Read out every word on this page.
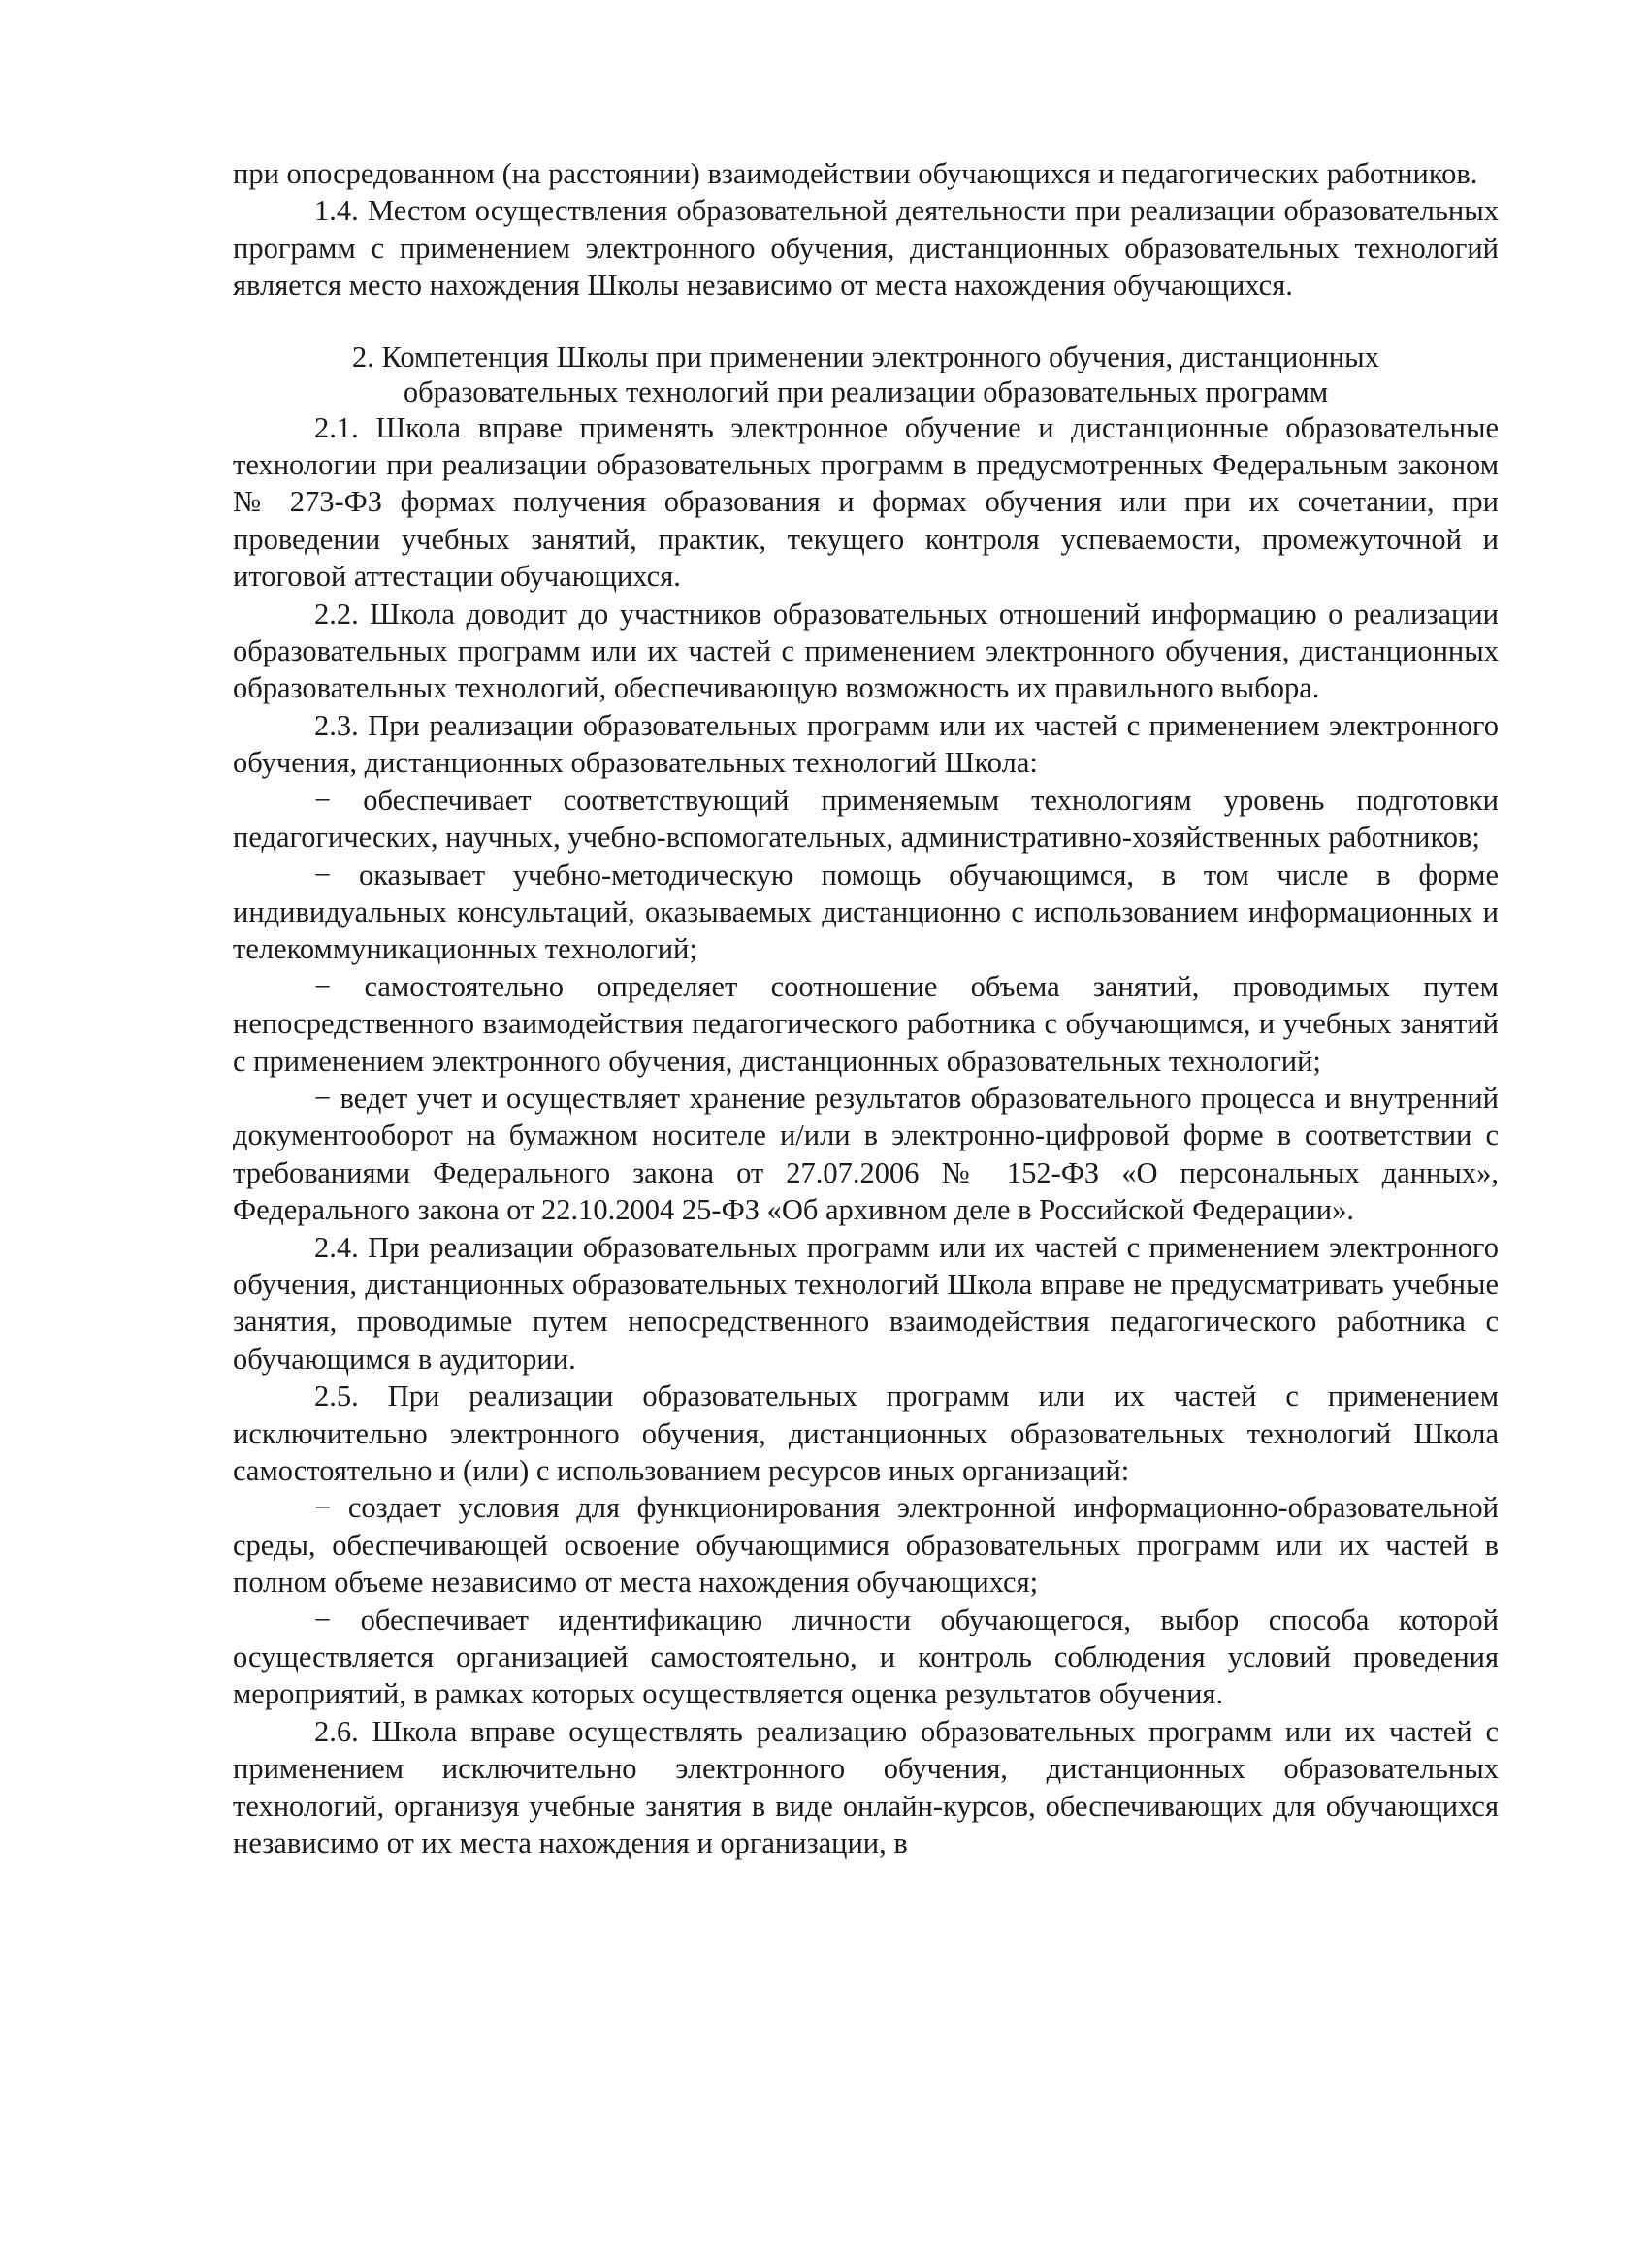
при опосредованном (на расстоянии) взаимодействии обучающихся и педагогических работников.

1.4. Местом осуществления образовательной деятельности при реализации образовательных программ с применением электронного обучения, дистанционных образовательных технологий является место нахождения Школы независимо от места нахождения обучающихся.

2. Компетенция Школы при применении электронного обучения, дистанционных
образовательных технологий при реализации образовательных программ

2.1. Школа вправе применять электронное обучение и дистанционные образовательные технологии при реализации образовательных программ в предусмотренных Федеральным законом № 273-ФЗ формах получения образования и формах обучения или при их сочетании, при проведении учебных занятий, практик, текущего контроля успеваемости, промежуточной и итоговой аттестации обучающихся.

2.2. Школа доводит до участников образовательных отношений информацию о реализации образовательных программ или их частей с применением электронного обучения, дистанционных образовательных технологий, обеспечивающую возможность их правильного выбора.

2.3. При реализации образовательных программ или их частей с применением электронного обучения, дистанционных образовательных технологий Школа:

− обеспечивает соответствующий применяемым технологиям уровень подготовки педагогических, научных, учебно-вспомогательных, административно-хозяйственных работников;

− оказывает учебно-методическую помощь обучающимся, в том числе в форме индивидуальных консультаций, оказываемых дистанционно с использованием информационных и телекоммуникационных технологий;

− самостоятельно определяет соотношение объема занятий, проводимых путем непосредственного взаимодействия педагогического работника с обучающимся, и учебных занятий с применением электронного обучения, дистанционных образовательных технологий;

− ведет учет и осуществляет хранение результатов образовательного процесса и внутренний документооборот на бумажном носителе и/или в электронно-цифровой форме в соответствии с требованиями Федерального закона от 27.07.2006 № 152-ФЗ «О персональных данных», Федерального закона от 22.10.2004 25-ФЗ «Об архивном деле в Российской Федерации».

2.4. При реализации образовательных программ или их частей с применением электронного обучения, дистанционных образовательных технологий Школа вправе не предусматривать учебные занятия, проводимые путем непосредственного взаимодействия педагогического работника с обучающимся в аудитории.

2.5. При реализации образовательных программ или их частей с применением исключительно электронного обучения, дистанционных образовательных технологий Школа самостоятельно и (или) с использованием ресурсов иных организаций:

− создает условия для функционирования электронной информационно-образовательной среды, обеспечивающей освоение обучающимися образовательных программ или их частей в полном объеме независимо от места нахождения обучающихся;

− обеспечивает идентификацию личности обучающегося, выбор способа которой осуществляется организацией самостоятельно, и контроль соблюдения условий проведения мероприятий, в рамках которых осуществляется оценка результатов обучения.

2.6. Школа вправе осуществлять реализацию образовательных программ или их частей с применением исключительно электронного обучения, дистанционных образовательных технологий, организуя учебные занятия в виде онлайн-курсов, обеспечивающих для обучающихся независимо от их места нахождения и организации, в
